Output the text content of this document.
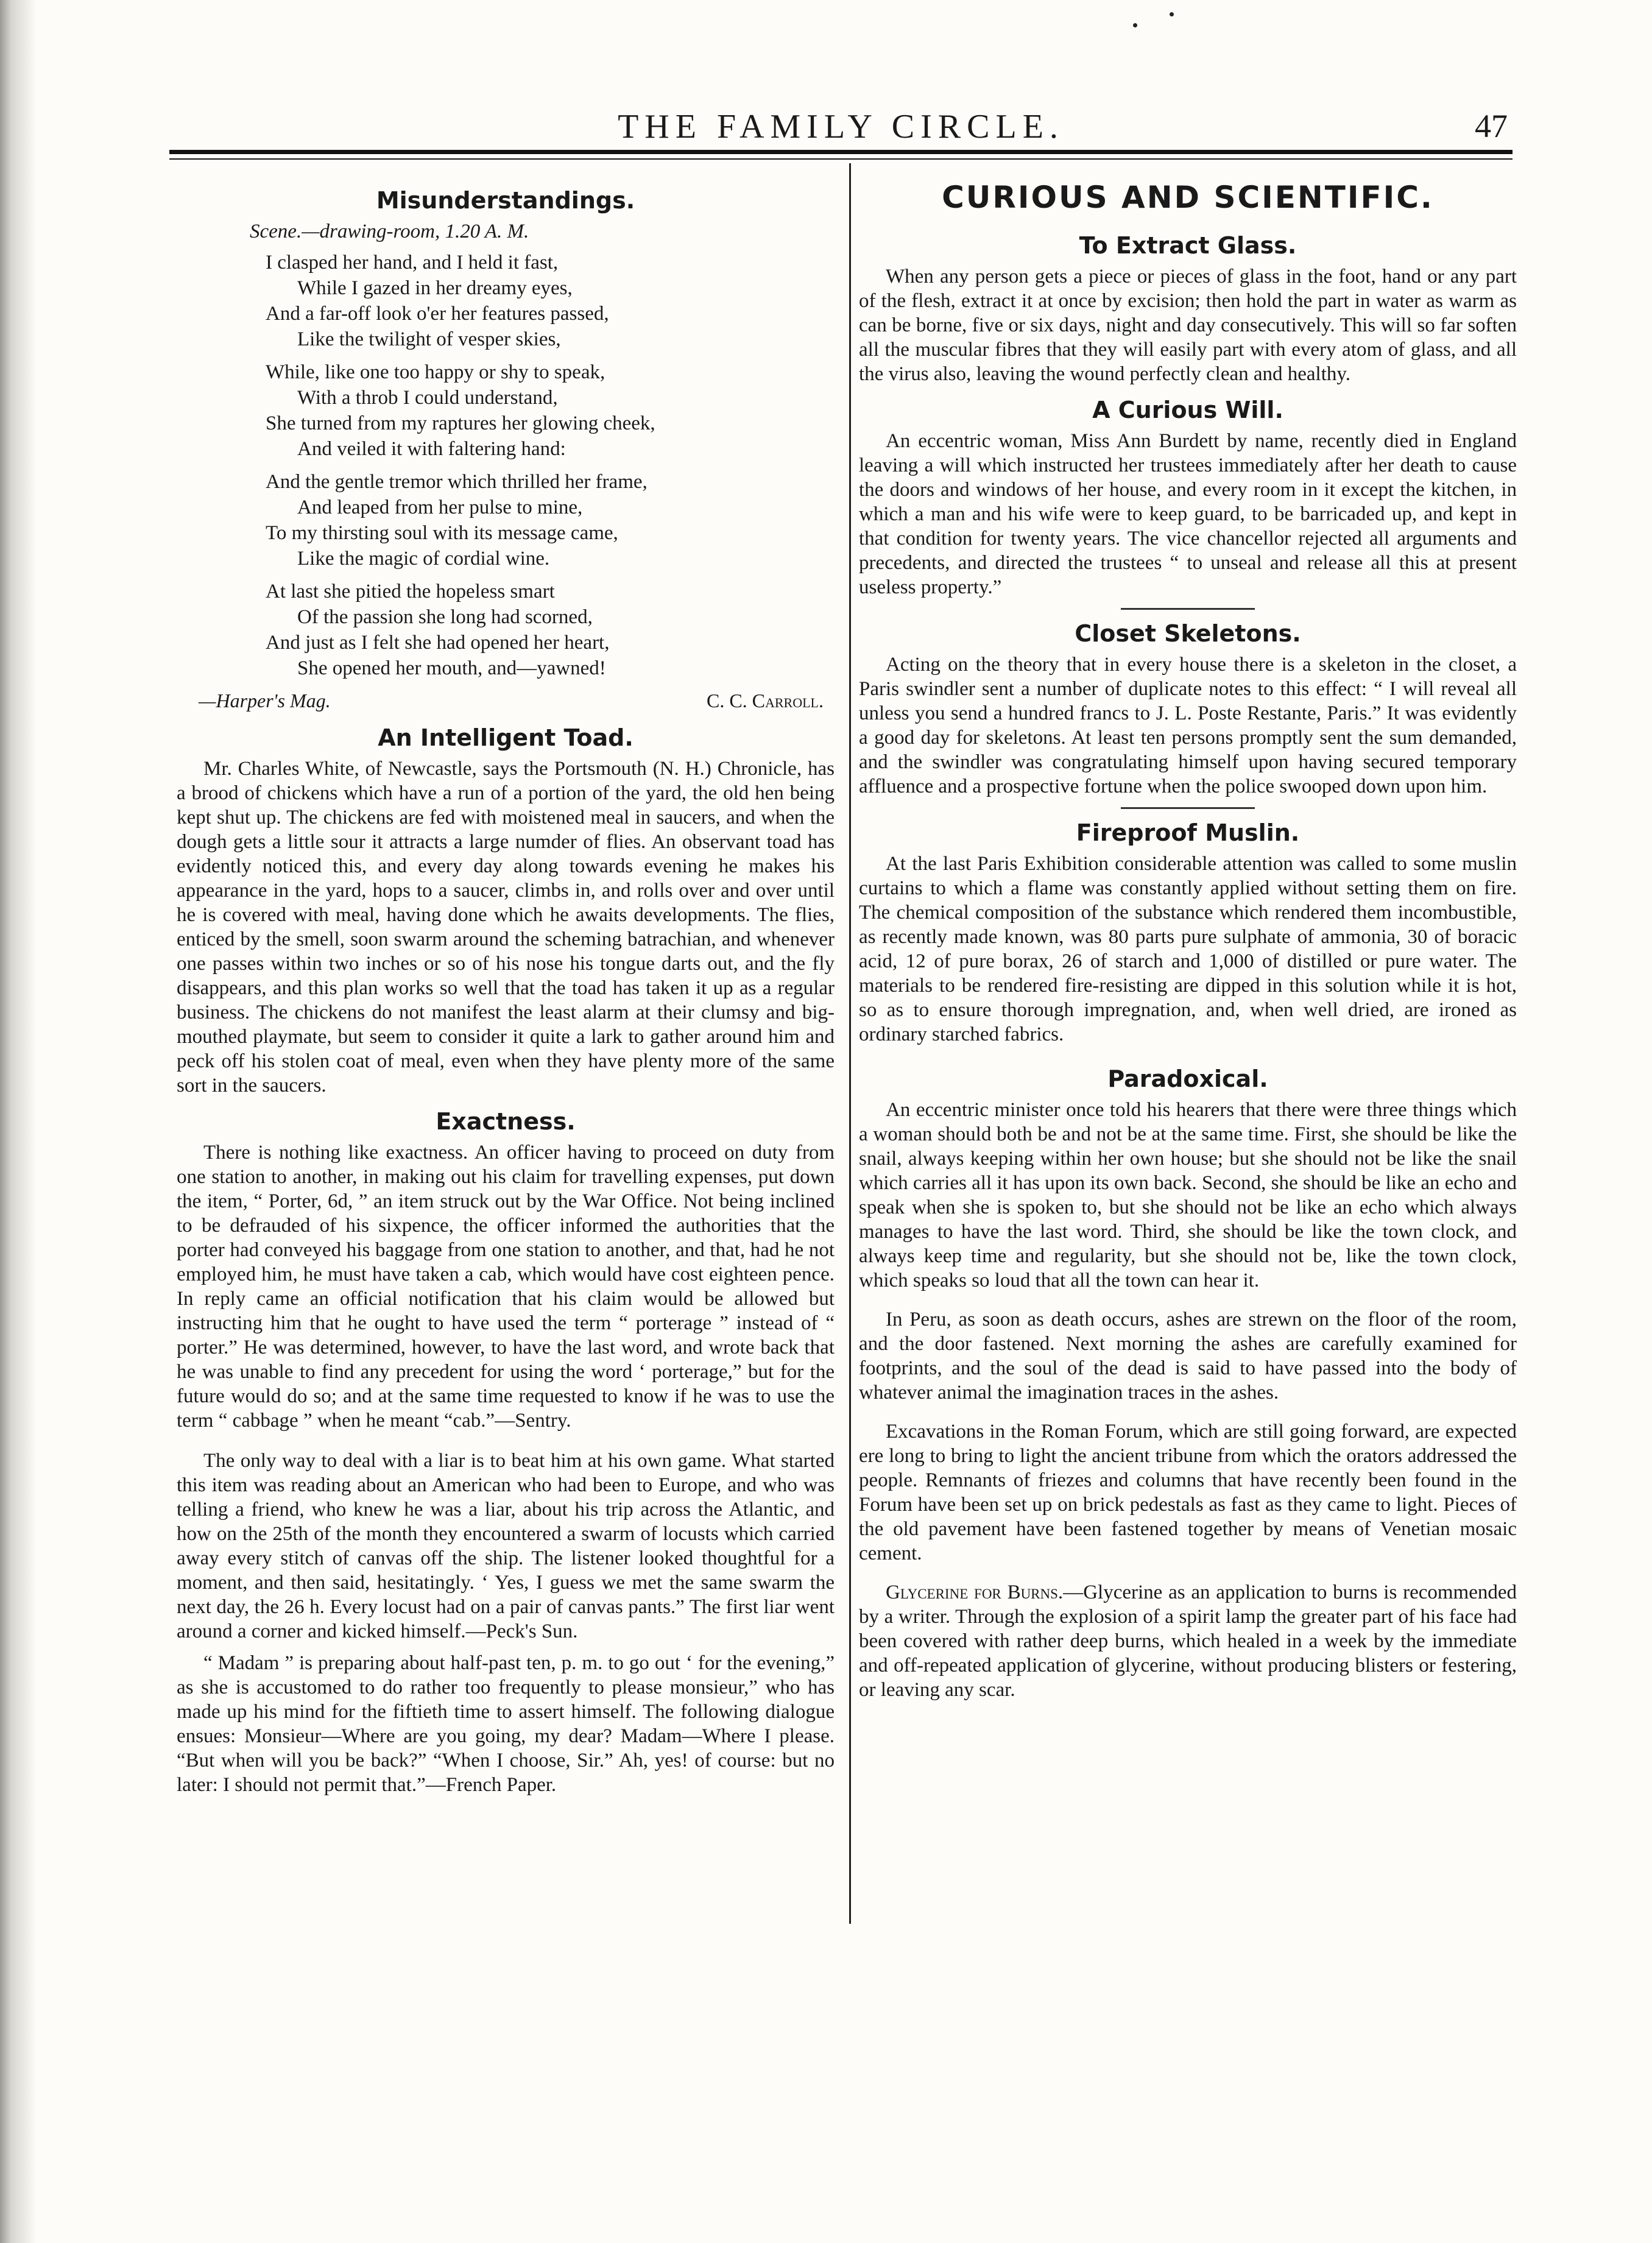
THE FAMILY CIRCLE.	47
Misunderstandings.
Scene.—drawing-room, 1.20 A. M.
I clasped her hand, and I held it fast,
While I gazed in her dreamy eyes,
And a far-off look o'er her features passed,
Like the twilight of vesper skies,
While, like one too happy or shy to speak,
With a throb I could understand,
She turned from my raptures her glowing cheek,
And veiled it with faltering hand:
And the gentle tremor which thrilled her frame,
And leaped from her pulse to mine,
To my thirsting soul with its message came,
Like the magic of cordial wine.
At last she pitied the hopeless smart
Of the passion she long had scorned,
And just as I felt she had opened her heart,
She opened her mouth, and—yawned!
—Harper's Mag.	C. C. Carroll.
An Intelligent Toad.

Mr. Charles White, of Newcastle, says the Portsmouth (N. H.) Chronicle, has a brood of chickens which have a run of a portion of the yard, the old hen being kept shut up. The chickens are fed with moistened meal in saucers, and when the dough gets a little sour it attracts a large numder of flies. An observant toad has evidently noticed this, and every day along towards evening he makes his appearance in the yard, hops to a saucer, climbs in, and rolls over and over until he is covered with meal, having done which he awaits developments. The flies, enticed by the smell, soon swarm around the scheming batrachian, and whenever one passes within two inches or so of his nose his tongue darts out, and the fly disappears, and this plan works so well that the toad has taken it up as a regular business. The chickens do not manifest the least alarm at their clumsy and big-mouthed playmate, but seem to consider it quite a lark to gather around him and peck off his stolen coat of meal, even when they have plenty more of the same sort in the saucers.

Exactness.

There is nothing like exactness. An officer having to proceed on duty from one station to another, in making out his claim for travelling expenses, put down the item, “ Porter, 6d, ” an item struck out by the War Office. Not being inclined to be defrauded of his sixpence, the officer informed the authorities that the porter had conveyed his baggage from one station to another, and that, had he not employed him, he must have taken a cab, which would have cost eighteen pence. In reply came an official notification that his claim would be allowed but instructing him that he ought to have used the term “ porterage ” instead of “ porter.” He was determined, however, to have the last word, and wrote back that he was unable to find any precedent for using the word ‘ porterage,” but for the future would do so; and at the same time requested to know if he was to use the term “ cabbage ” when he meant “cab.”—Sentry.

The only way to deal with a liar is to beat him at his own game. What started this item was reading about an American who had been to Europe, and who was telling a friend, who knew he was a liar, about his trip across the Atlantic, and how on the 25th of the month they encountered a swarm of locusts which carried away every stitch of canvas off the ship. The listener looked thoughtful for a moment, and then said, hesitatingly. ‘ Yes, I guess we met the same swarm the next day, the 26 h. Every locust had on a pair of canvas pants.” The first liar went around a corner and kicked himself.—Peck's Sun.

“ Madam ” is preparing about half-past ten, p. m. to go out ‘ for the evening,” as she is accustomed to do rather too frequently to please monsieur,” who has made up his mind for the fiftieth time to assert himself. The following dialogue ensues: Monsieur—Where are you going, my dear? Madam—Where I please. “But when will you be back?” “When I choose, Sir.” Ah, yes! of course: but no later: I should not permit that.”—French Paper.

CURIOUS AND SCIENTIFIC.
To Extract Glass.

When any person gets a piece or pieces of glass in the foot, hand or any part of the flesh, extract it at once by excision; then hold the part in water as warm as can be borne, five or six days, night and day consecutively. This will so far soften all the muscular fibres that they will easily part with every atom of glass, and all the virus also, leaving the wound perfectly clean and healthy.

A Curious Will.

An eccentric woman, Miss Ann Burdett by name, recently died in England leaving a will which instructed her trustees immediately after her death to cause the doors and windows of her house, and every room in it except the kitchen, in which a man and his wife were to keep guard, to be barricaded up, and kept in that condition for twenty years. The vice chancellor rejected all arguments and precedents, and directed the trustees “ to unseal and release all this at present useless property.”

Closet Skeletons.

Acting on the theory that in every house there is a skeleton in the closet, a Paris swindler sent a number of duplicate notes to this effect: “ I will reveal all unless you send a hundred francs to J. L. Poste Restante, Paris.” It was evidently a good day for skeletons. At least ten persons promptly sent the sum demanded, and the swindler was congratulating himself upon having secured temporary affluence and a prospective fortune when the police swooped down upon him.

Fireproof Muslin.

At the last Paris Exhibition considerable attention was called to some muslin curtains to which a flame was constantly applied without setting them on fire. The chemical composition of the substance which rendered them incombustible, as recently made known, was 80 parts pure sulphate of ammonia, 30 of boracic acid, 12 of pure borax, 26 of starch and 1,000 of distilled or pure water. The materials to be rendered fire-resisting are dipped in this solution while it is hot, so as to ensure thorough impregnation, and, when well dried, are ironed as ordinary starched fabrics.

Paradoxical.

An eccentric minister once told his hearers that there were three things which a woman should both be and not be at the same time. First, she should be like the snail, always keeping within her own house; but she should not be like the snail which carries all it has upon its own back. Second, she should be like an echo and speak when she is spoken to, but she should not be like an echo which always manages to have the last word. Third, she should be like the town clock, and always keep time and regularity, but she should not be, like the town clock, which speaks so loud that all the town can hear it.

In Peru, as soon as death occurs, ashes are strewn on the floor of the room, and the door fastened. Next morning the ashes are carefully examined for footprints, and the soul of the dead is said to have passed into the body of whatever animal the imagination traces in the ashes.

Excavations in the Roman Forum, which are still going forward, are expected ere long to bring to light the ancient tribune from which the orators addressed the people. Remnants of friezes and columns that have recently been found in the Forum have been set up on brick pedestals as fast as they came to light. Pieces of the old pavement have been fastened together by means of Venetian mosaic cement.

Glycerine for Burns.—Glycerine as an application to burns is recommended by a writer. Through the explosion of a spirit lamp the greater part of his face had been covered with rather deep burns, which healed in a week by the immediate and off-repeated application of glycerine, without producing blisters or festering, or leaving any scar.
